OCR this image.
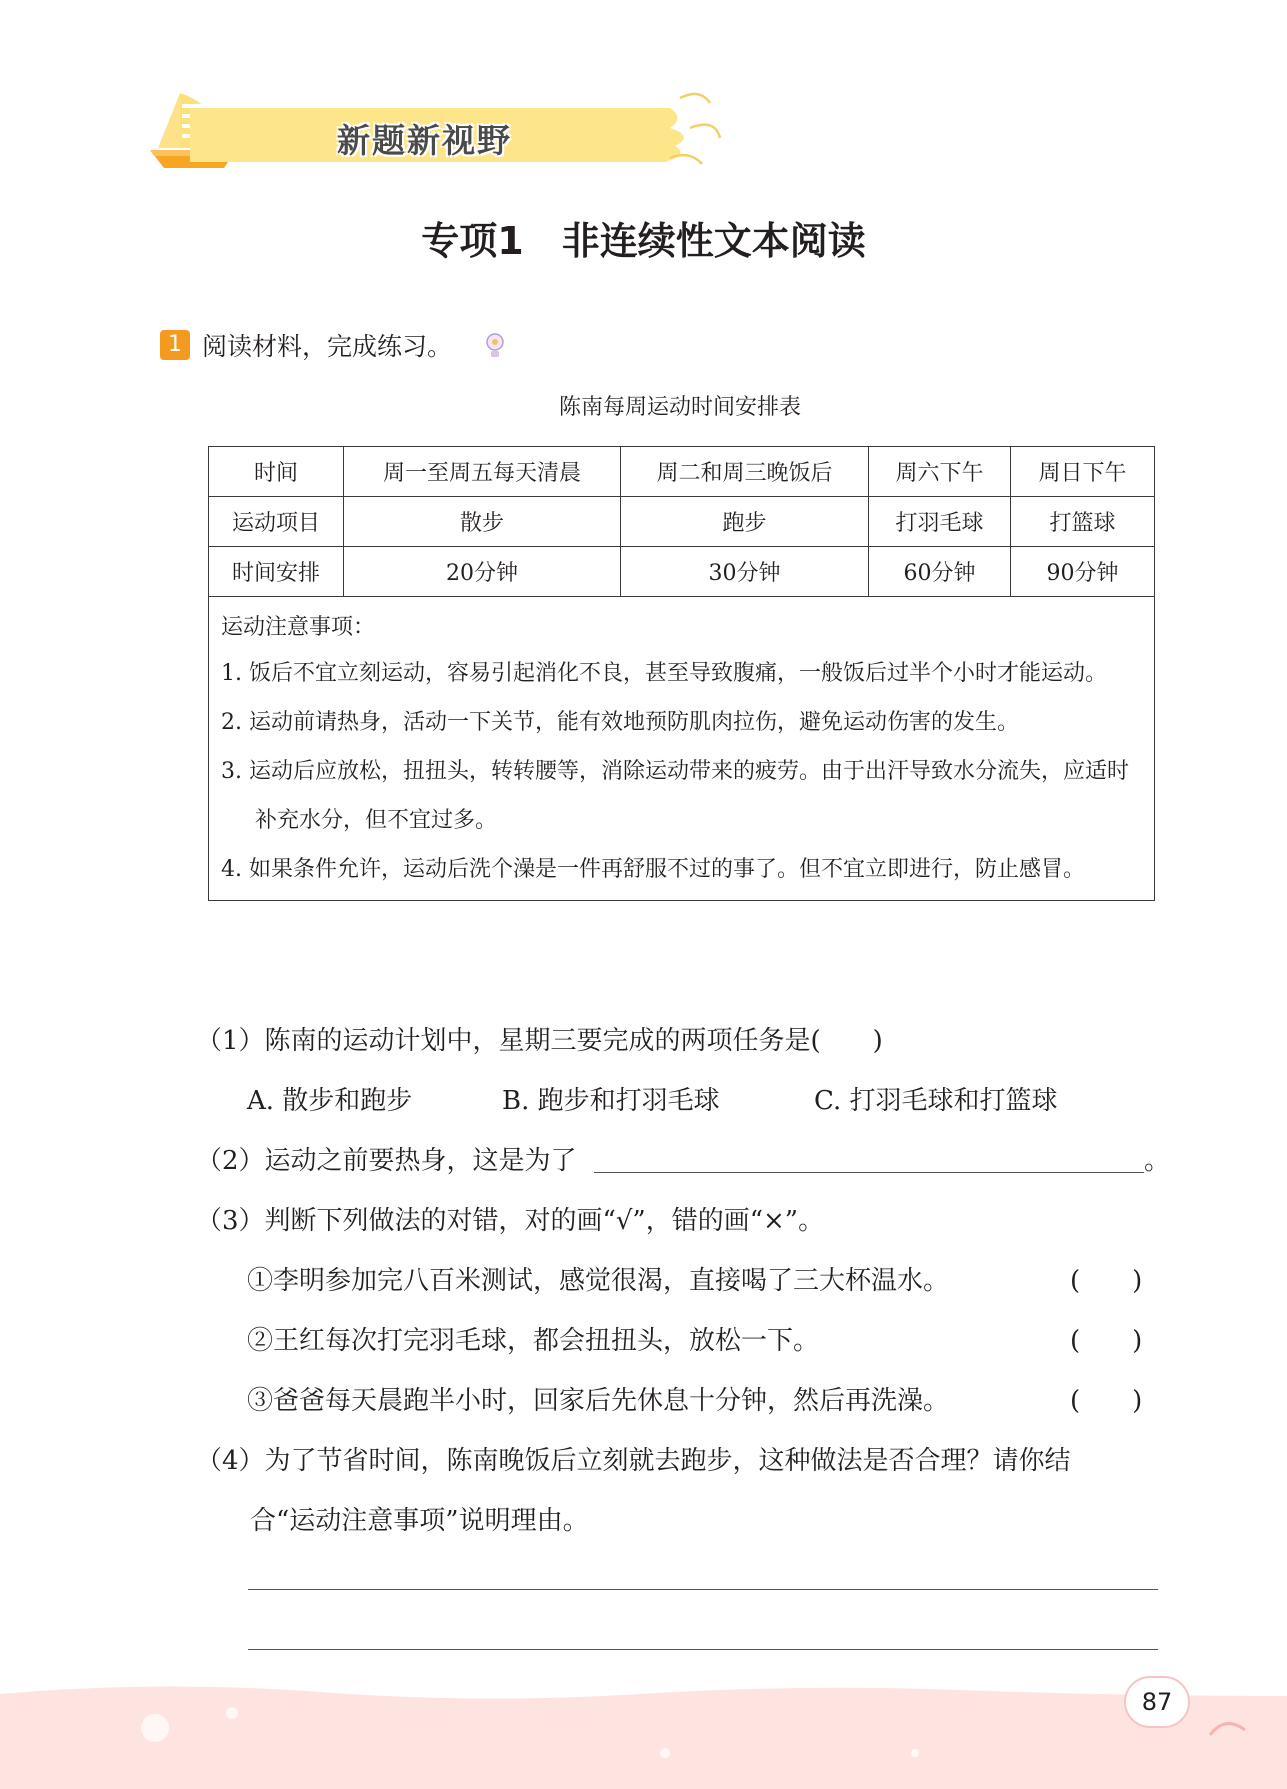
新题新视野
专项1　非连续性文本阅读
1 阅读材料，完成练习。
陈南每周运动时间安排表
时间	周一至周五每天清晨	周二和周三晚饭后	周六下午	周日下午
运动项目	散步	跑步	打羽毛球	打篮球
时间安排	20分钟	30分钟	60分钟	90分钟

运动注意事项：
1. 饭后不宜立刻运动，容易引起消化不良，甚至导致腹痛，一般饭后过半个小时才能运动。
2. 运动前请热身，活动一下关节，能有效地预防肌肉拉伤，避免运动伤害的发生。
3. 运动后应放松，扭扭头，转转腰等，消除运动带来的疲劳。由于出汗导致水分流失，应适时补充水分，但不宜过多。
4. 如果条件允许，运动后洗个澡是一件再舒服不过的事了。但不宜立即进行，防止感冒。				
（1）陈南的运动计划中，星期三要完成的两项任务是(　　)
A. 散步和跑步	B. 跑步和打羽毛球	C. 打羽毛球和打篮球
（2）运动之前要热身，这是为了	。
（3）判断下列做法的对错，对的画“√”，错的画“×”。
①李明参加完八百米测试，感觉很渴，直接喝了三大杯温水。	(　　)
②王红每次打完羽毛球，都会扭扭头，放松一下。	(　　)
③爸爸每天晨跑半小时，回家后先休息十分钟，然后再洗澡。	(　　)
（4）为了节省时间，陈南晚饭后立刻就去跑步，这种做法是否合理？请你结
合“运动注意事项”说明理由。
87
